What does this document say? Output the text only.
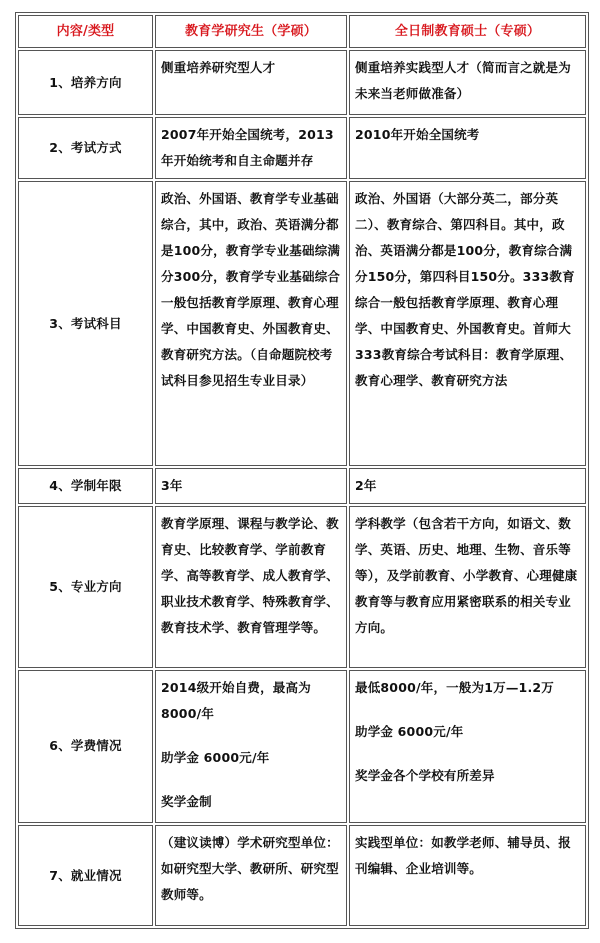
内容/类型	教育学研究生（学硕）	全日制教育硕士（专硕）
1、培养方向	侧重培养研究型人才	侧重培养实践型人才（简而言之就是为未来当老师做准备）

2、考试方式	2007年开始全国统考，2013年开始统考和自主命题并存	2010年开始全国统考

3、考试科目	政治、外国语、教育学专业基础综合，其中，政治、英语满分都是100分，教育学专业基础综满分300分，教育学专业基础综合一般包括教育学原理、教育心理学、中国教育史、外国教育史、教育研究方法。（自命题院校考试科目参见招生专业目录）	政治、外国语（大部分英二，部分英二）、教育综合、第四科目。其中，政治、英语满分都是100分，教育综合满分150分，第四科目150分。333教育综合一般包括教育学原理、教育心理学、中国教育史、外国教育史。首师大333教育综合考试科目：教育学原理、教育心理学、教育研究方法

4、学制年限	3年	2年

5、专业方向	教育学原理、课程与教学论、教育史、比较教育学、学前教育学、高等教育学、成人教育学、职业技术教育学、特殊教育学、教育技术学、教育管理学等。	学科教学（包含若干方向，如语文、数学、英语、历史、地理、生物、音乐等等），及学前教育、小学教育、心理健康教育等与教育应用紧密联系的相关专业方向。

6、学费情况	2014级开始自费，最高为8000/年
助学金 6000元/年
奖学金制	最低8000/年，一般为1万—1.2万
助学金 6000元/年
奖学金各个学校有所差异

7、就业情况	（建议读博）学术研究型单位：如研究型大学、教研所、研究型教师等。	实践型单位：如教学老师、辅导员、报刊编辑、企业培训等。
